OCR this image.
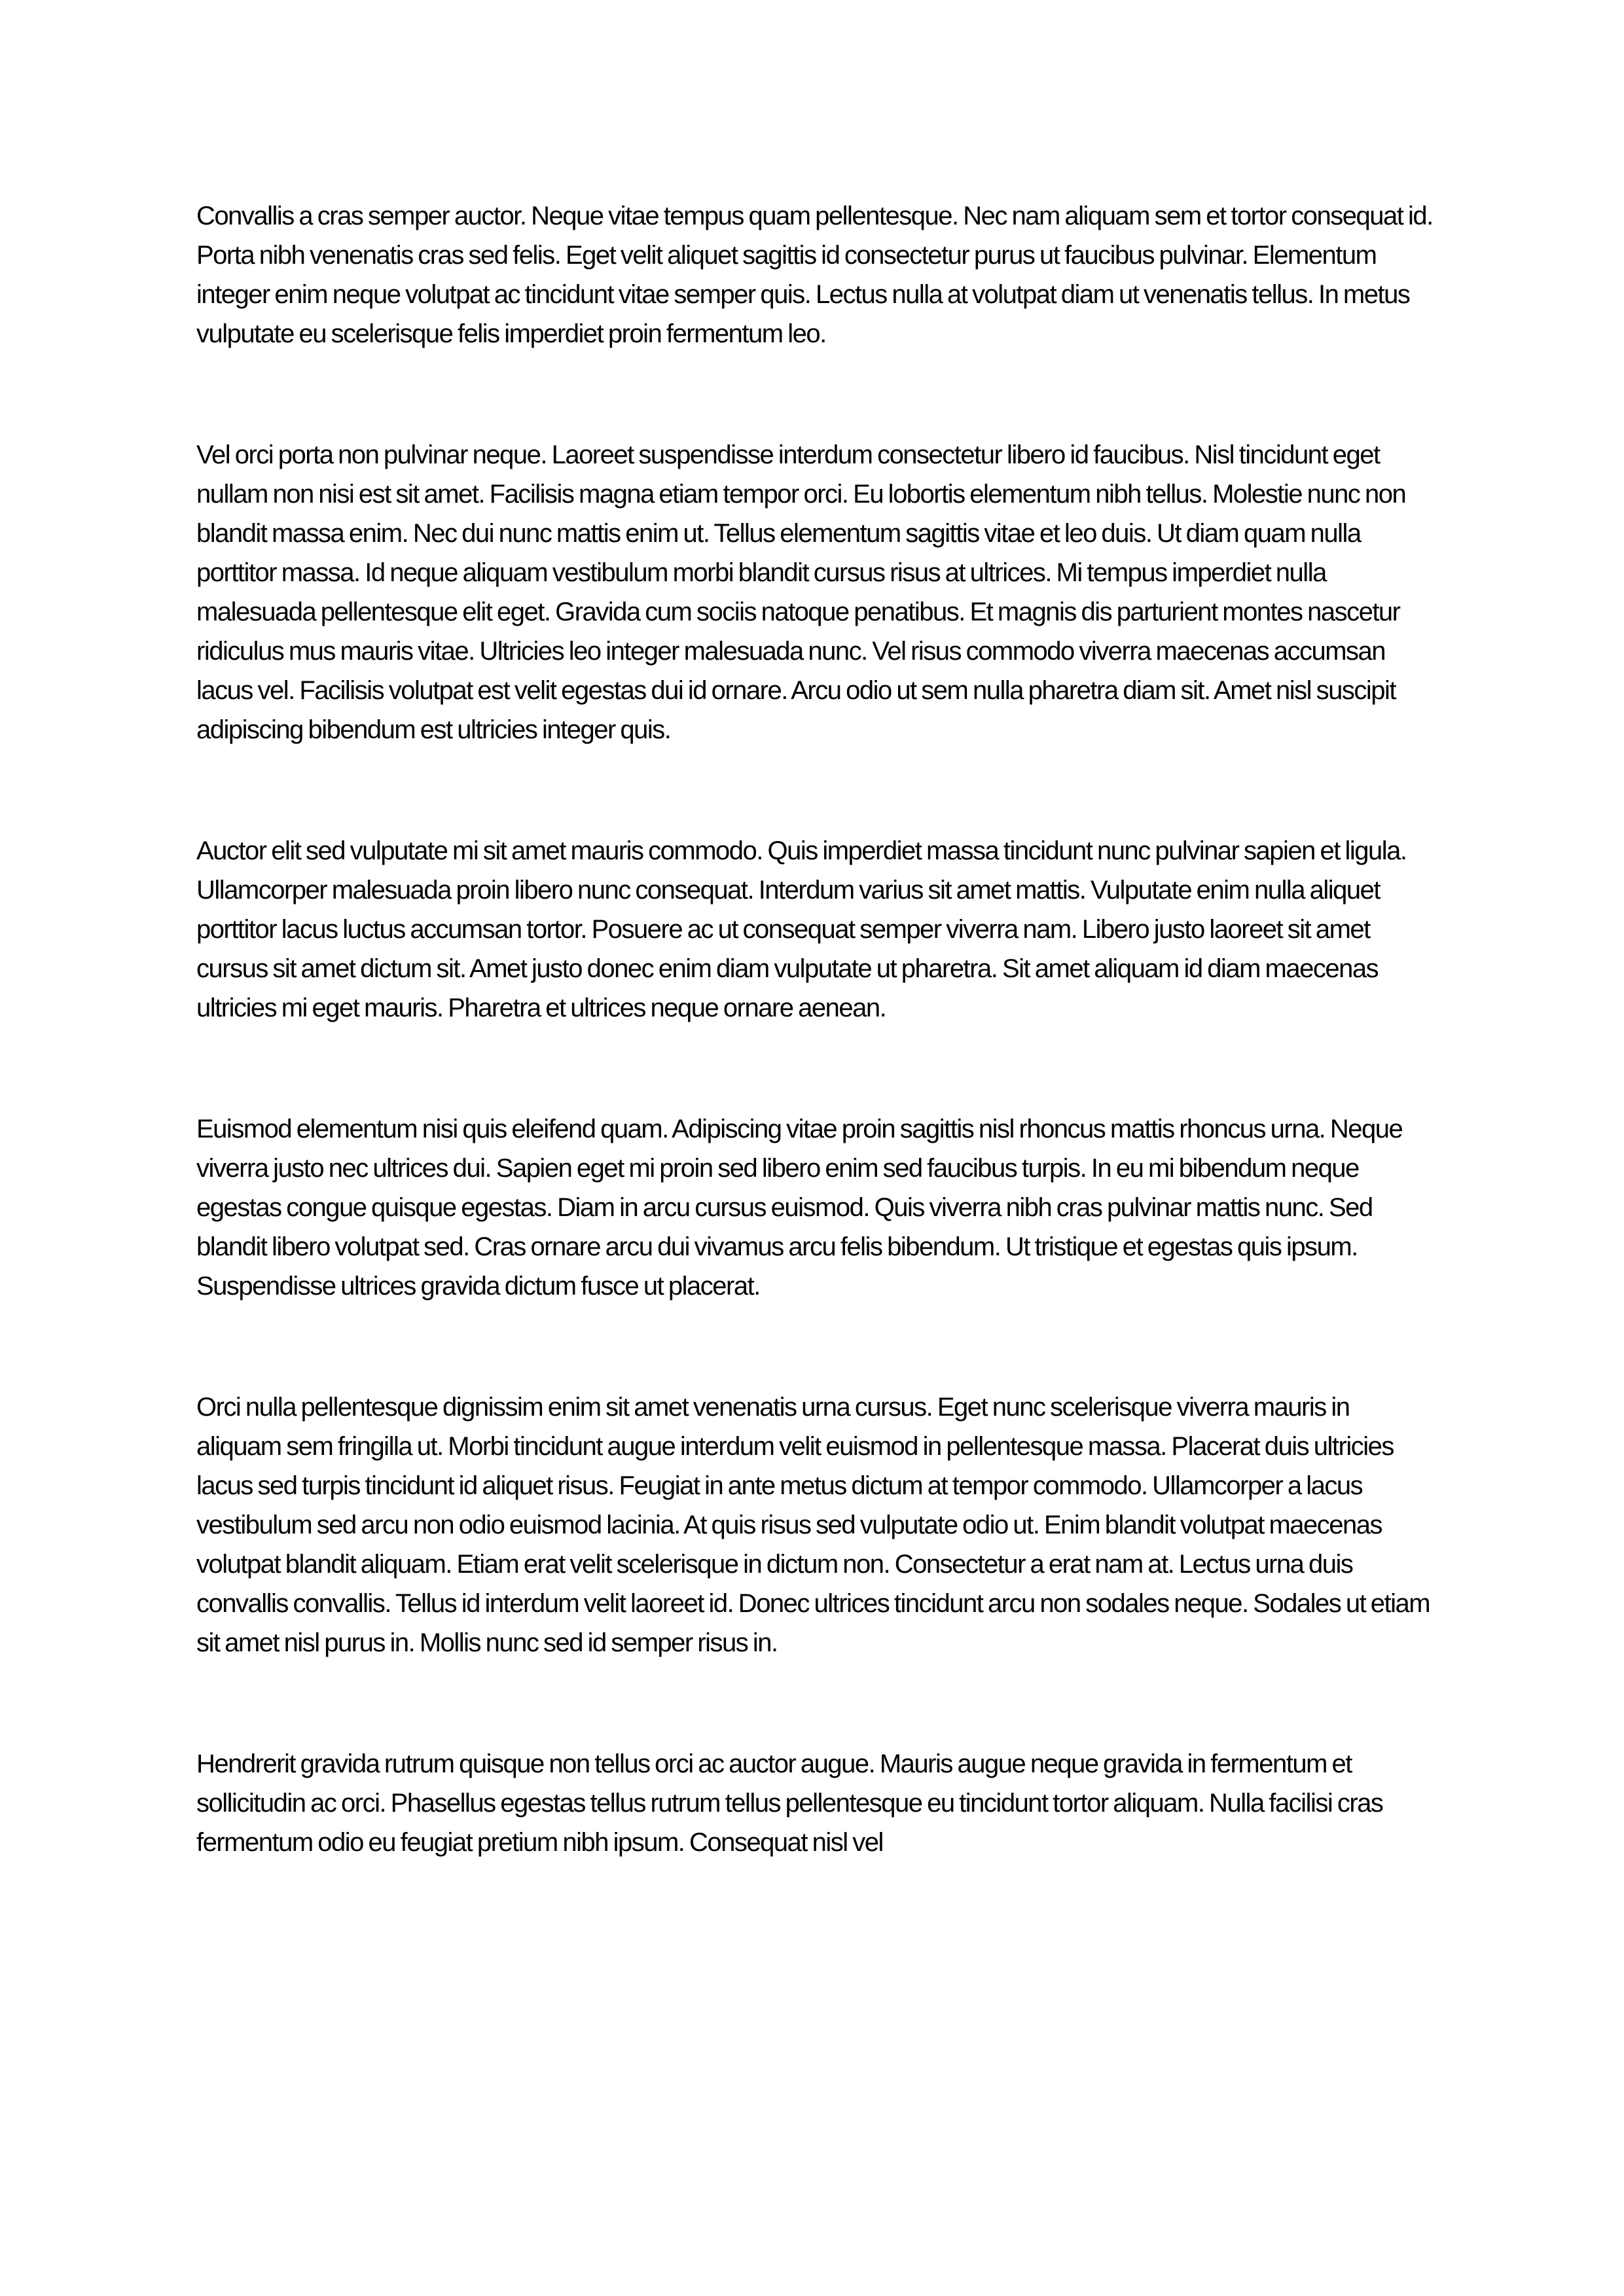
Convallis a cras semper auctor. Neque vitae tempus quam pellentesque. Nec nam aliquam sem et tortor consequat id. Porta nibh venenatis cras sed felis. Eget velit aliquet sagittis id consectetur purus ut faucibus pulvinar. Elementum integer enim neque volutpat ac tincidunt vitae semper quis. Lectus nulla at volutpat diam ut venenatis tellus. In metus vulputate eu scelerisque felis imperdiet proin fermentum leo.

Vel orci porta non pulvinar neque. Laoreet suspendisse interdum consectetur libero id faucibus. Nisl tincidunt eget nullam non nisi est sit amet. Facilisis magna etiam tempor orci. Eu lobortis elementum nibh tellus. Molestie nunc non blandit massa enim. Nec dui nunc mattis enim ut. Tellus elementum sagittis vitae et leo duis. Ut diam quam nulla porttitor massa. Id neque aliquam vestibulum morbi blandit cursus risus at ultrices. Mi tempus imperdiet nulla malesuada pellentesque elit eget. Gravida cum sociis natoque penatibus. Et magnis dis parturient montes nascetur ridiculus mus mauris vitae. Ultricies leo integer malesuada nunc. Vel risus commodo viverra maecenas accumsan lacus vel. Facilisis volutpat est velit egestas dui id ornare. Arcu odio ut sem nulla pharetra diam sit. Amet nisl suscipit adipiscing bibendum est ultricies integer quis.

Auctor elit sed vulputate mi sit amet mauris commodo. Quis imperdiet massa tincidunt nunc pulvinar sapien et ligula. Ullamcorper malesuada proin libero nunc consequat. Interdum varius sit amet mattis. Vulputate enim nulla aliquet porttitor lacus luctus accumsan tortor. Posuere ac ut consequat semper viverra nam. Libero justo laoreet sit amet cursus sit amet dictum sit. Amet justo donec enim diam vulputate ut pharetra. Sit amet aliquam id diam maecenas ultricies mi eget mauris. Pharetra et ultrices neque ornare aenean.

Euismod elementum nisi quis eleifend quam. Adipiscing vitae proin sagittis nisl rhoncus mattis rhoncus urna. Neque viverra justo nec ultrices dui. Sapien eget mi proin sed libero enim sed faucibus turpis. In eu mi bibendum neque egestas congue quisque egestas. Diam in arcu cursus euismod. Quis viverra nibh cras pulvinar mattis nunc. Sed blandit libero volutpat sed. Cras ornare arcu dui vivamus arcu felis bibendum. Ut tristique et egestas quis ipsum. Suspendisse ultrices gravida dictum fusce ut placerat.

Orci nulla pellentesque dignissim enim sit amet venenatis urna cursus. Eget nunc scelerisque viverra mauris in aliquam sem fringilla ut. Morbi tincidunt augue interdum velit euismod in pellentesque massa. Placerat duis ultricies lacus sed turpis tincidunt id aliquet risus. Feugiat in ante metus dictum at tempor commodo. Ullamcorper a lacus vestibulum sed arcu non odio euismod lacinia. At quis risus sed vulputate odio ut. Enim blandit volutpat maecenas volutpat blandit aliquam. Etiam erat velit scelerisque in dictum non. Consectetur a erat nam at. Lectus urna duis convallis convallis. Tellus id interdum velit laoreet id. Donec ultrices tincidunt arcu non sodales neque. Sodales ut etiam sit amet nisl purus in. Mollis nunc sed id semper risus in.

Hendrerit gravida rutrum quisque non tellus orci ac auctor augue. Mauris augue neque gravida in fermentum et sollicitudin ac orci. Phasellus egestas tellus rutrum tellus pellentesque eu tincidunt tortor aliquam. Nulla facilisi cras fermentum odio eu feugiat pretium nibh ipsum. Consequat nisl vel
